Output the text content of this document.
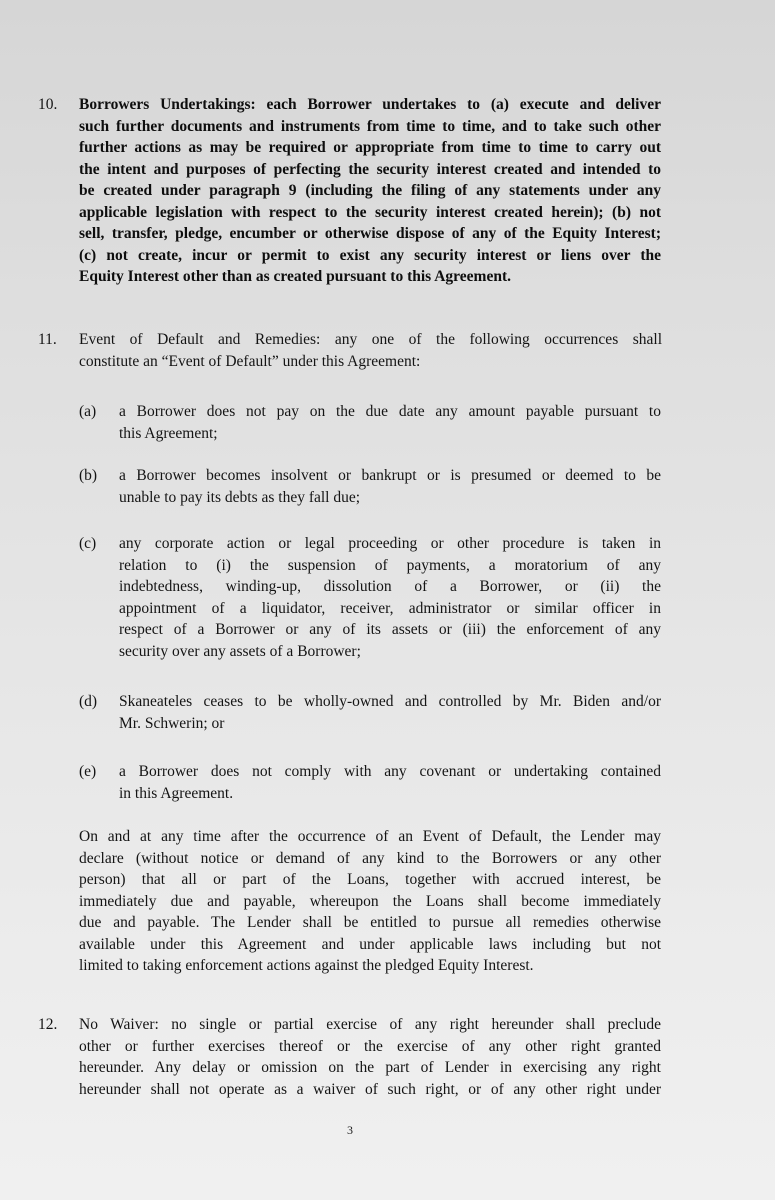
10. Borrowers Undertakings: each Borrower undertakes to (a) execute and deliver
such further documents and instruments from time to time, and to take such other
further actions as may be required or appropriate from time to time to carry out
the intent and purposes of perfecting the security interest created and intended to
be created under paragraph 9 (including the filing of any statements under any
applicable legislation with respect to the security interest created herein); (b) not
sell, transfer, pledge, encumber or otherwise dispose of any of the Equity Interest;
(c) not create, incur or permit to exist any security interest or liens over the
Equity Interest other than as created pursuant to this Agreement.
11. Event of Default and Remedies: any one of the following occurrences shall
constitute an “Event of Default” under this Agreement:
(a) a Borrower does not pay on the due date any amount payable pursuant to
this Agreement;
(b) a Borrower becomes insolvent or bankrupt or is presumed or deemed to be
unable to pay its debts as they fall due;
(c) any corporate action or legal proceeding or other procedure is taken in
relation to (i) the suspension of payments, a moratorium of any
indebtedness, winding-up, dissolution of a Borrower, or (ii) the
appointment of a liquidator, receiver, administrator or similar officer in
respect of a Borrower or any of its assets or (iii) the enforcement of any
security over any assets of a Borrower;
(d) Skaneateles ceases to be wholly-owned and controlled by Mr. Biden and/or
Mr. Schwerin; or
(e) a Borrower does not comply with any covenant or undertaking contained
in this Agreement.
On and at any time after the occurrence of an Event of Default, the Lender may
declare (without notice or demand of any kind to the Borrowers or any other
person) that all or part of the Loans, together with accrued interest, be
immediately due and payable, whereupon the Loans shall become immediately
due and payable. The Lender shall be entitled to pursue all remedies otherwise
available under this Agreement and under applicable laws including but not
limited to taking enforcement actions against the pledged Equity Interest.
12. No Waiver: no single or partial exercise of any right hereunder shall preclude
other or further exercises thereof or the exercise of any other right granted
hereunder. Any delay or omission on the part of Lender in exercising any right
hereunder shall not operate as a waiver of such right, or of any other right under
3
